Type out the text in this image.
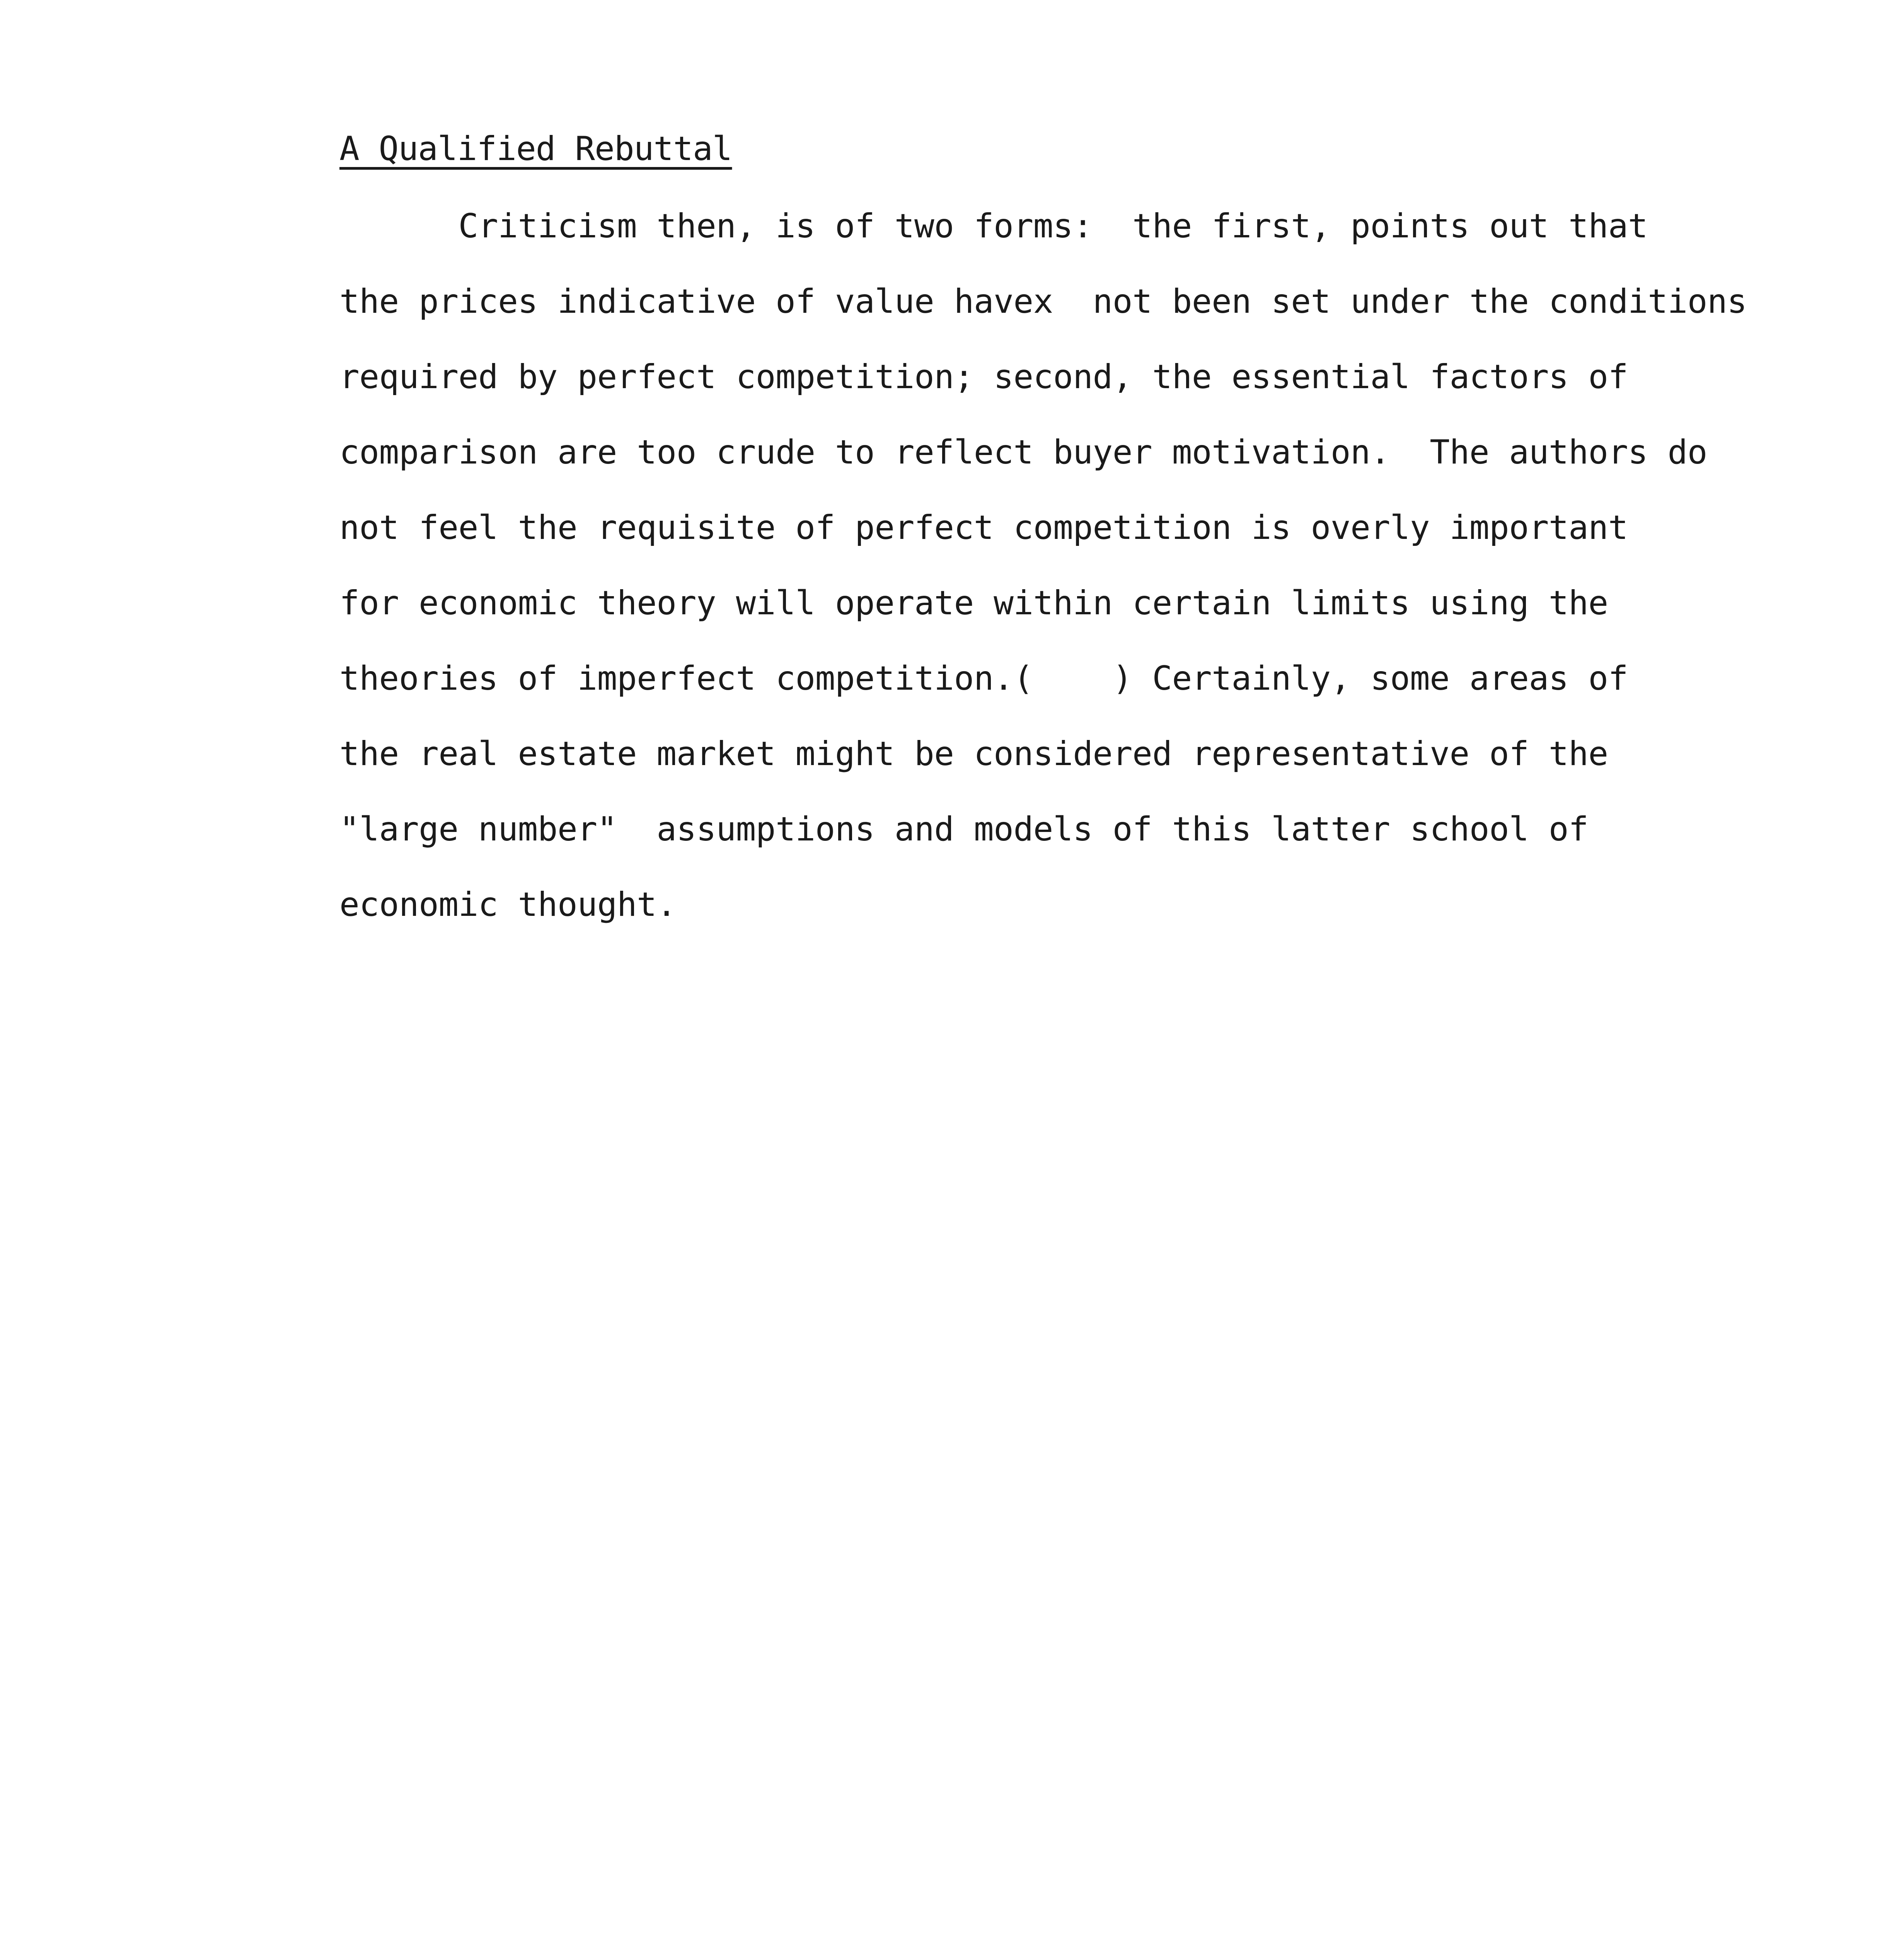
A Qualified Rebuttal
Criticism then, is of two forms:  the first, points out that
the prices indicative of value havex  not been set under the conditions
required by perfect competition; second, the essential factors of
comparison are too crude to reflect buyer motivation.  The authors do
not feel the requisite of perfect competition is overly important
for economic theory will operate within certain limits using the
theories of imperfect competition.(    ) Certainly, some areas of
the real estate market might be considered representative of the
"large number"  assumptions and models of this latter school of
economic thought.
